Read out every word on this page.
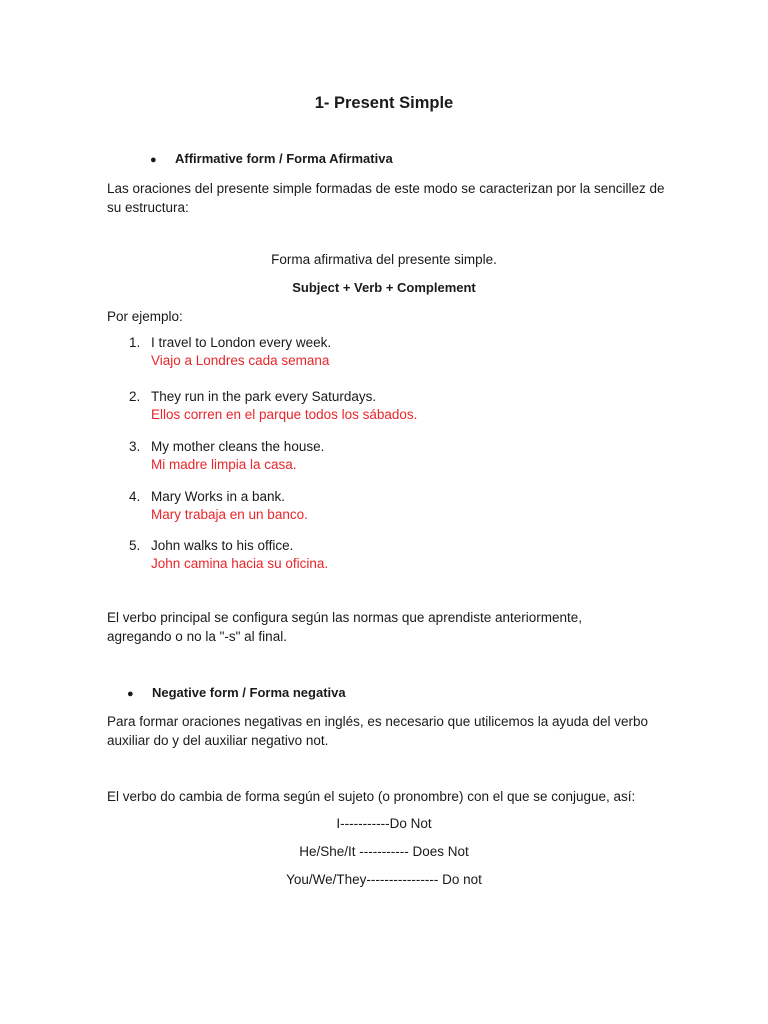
1- Present Simple
● Affirmative form / Forma Afirmativa

Las oraciones del presente simple formadas de este modo se caracterizan por la sencillez de su estructura:

Forma afirmativa del presente simple.
Subject + Verb + Complement
Por ejemplo:
1. I travel to London every week.
Viajo a Londres cada semana
2. They run in the park every Saturdays.
Ellos corren en el parque todos los sábados.
3. My mother cleans the house.
Mi madre limpia la casa.
4. Mary Works in a bank.
Mary trabaja en un banco.
5. John walks to his office.
John camina hacia su oficina.

El verbo principal se configura según las normas que aprendiste anteriormente, agregando o no la "-s" al final.

● Negative form / Forma negativa

Para formar oraciones negativas en inglés, es necesario que utilicemos la ayuda del verbo auxiliar do y del auxiliar negativo not.

El verbo do cambia de forma según el sujeto (o pronombre) con el que se conjugue, así:

I-----------Do Not
He/She/It ----------- Does Not
You/We/They---------------- Do not
